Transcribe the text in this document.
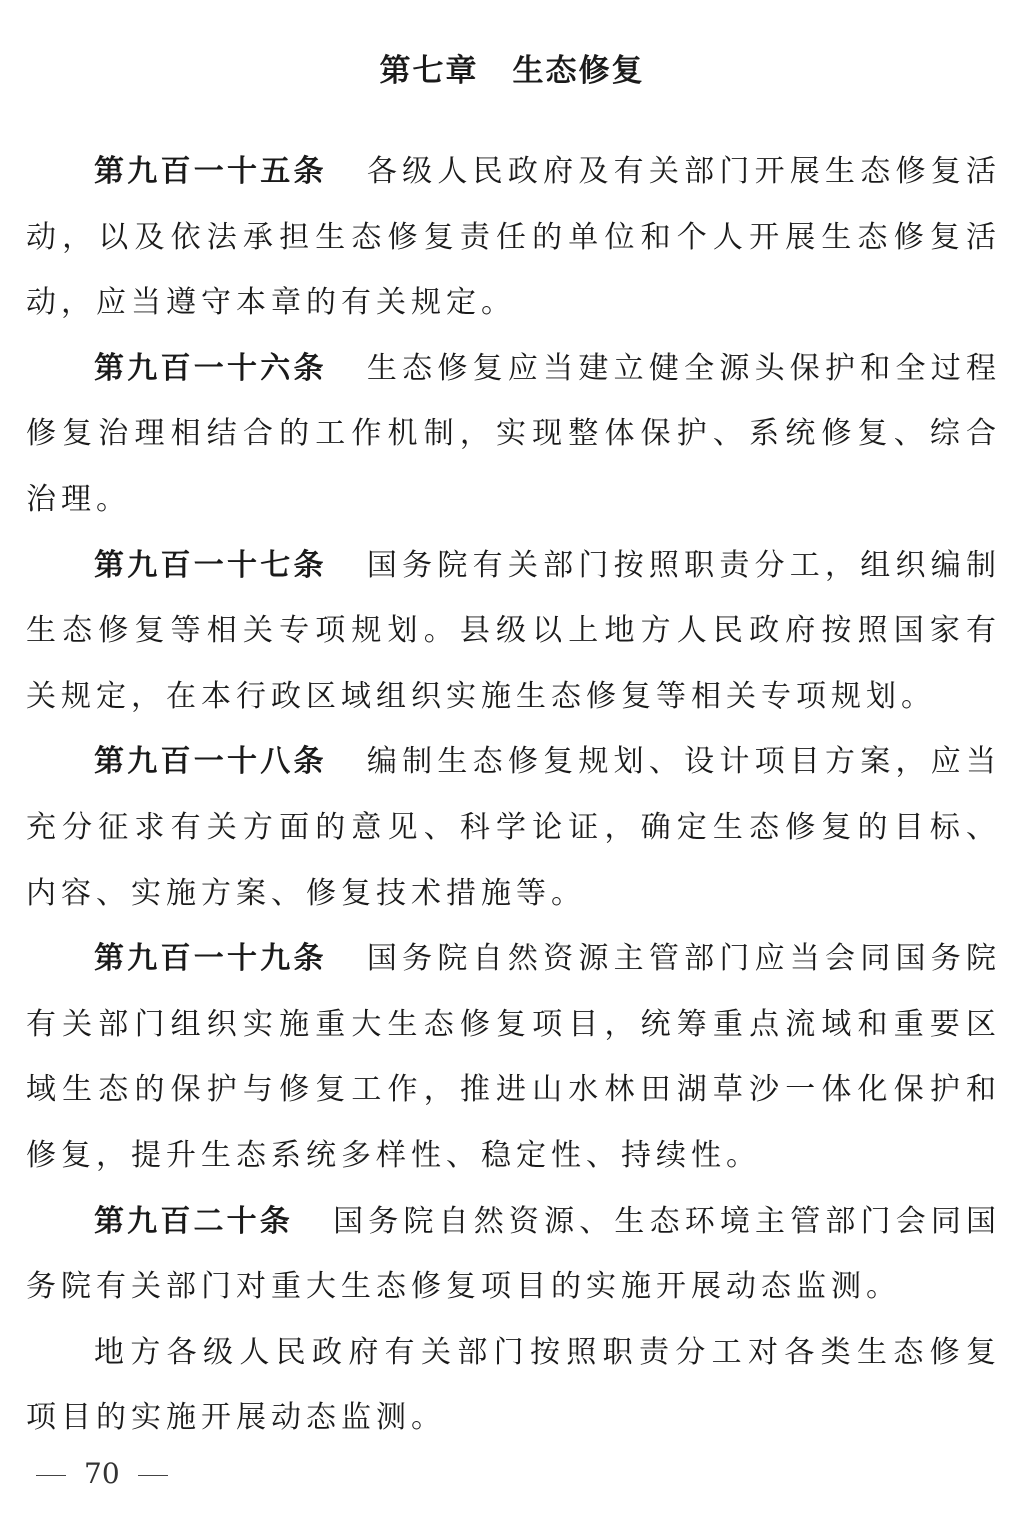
第七章 生态修复

第九百一十五条 各级人民政府及有关部门开展生态修复活动，以及依法承担生态修复责任的单位和个人开展生态修复活动，应当遵守本章的有关规定。

第九百一十六条 生态修复应当建立健全源头保护和全过程修复治理相结合的工作机制，实现整体保护、系统修复、综合治理。

第九百一十七条 国务院有关部门按照职责分工，组织编制生态修复等相关专项规划。县级以上地方人民政府按照国家有关规定，在本行政区域组织实施生态修复等相关专项规划。

第九百一十八条 编制生态修复规划、设计项目方案，应当充分征求有关方面的意见、科学论证，确定生态修复的目标、内容、实施方案、修复技术措施等。

第九百一十九条 国务院自然资源主管部门应当会同国务院有关部门组织实施重大生态修复项目，统筹重点流域和重要区域生态的保护与修复工作，推进山水林田湖草沙一体化保护和修复，提升生态系统多样性、稳定性、持续性。

第九百二十条 国务院自然资源、生态环境主管部门会同国务院有关部门对重大生态修复项目的实施开展动态监测。

地方各级人民政府有关部门按照职责分工对各类生态修复项目的实施开展动态监测。

70
